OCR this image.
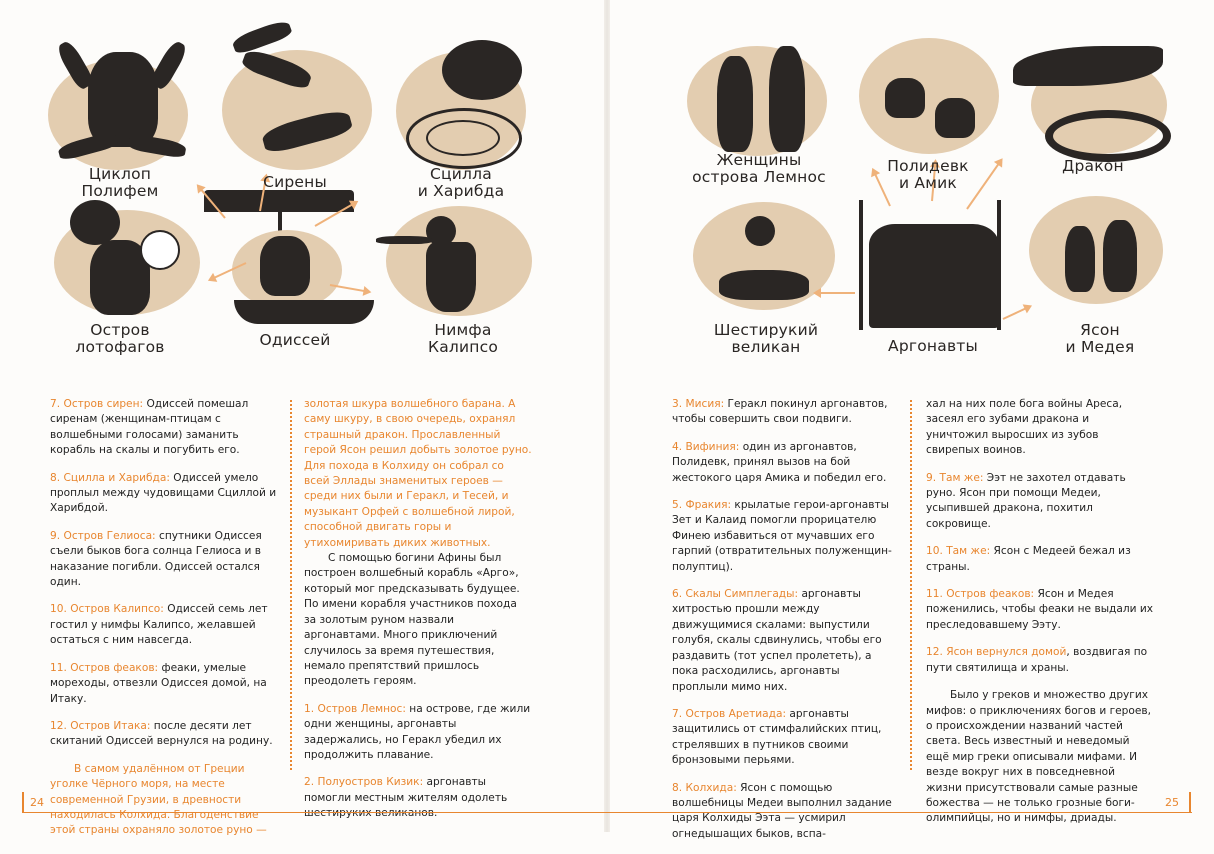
Циклоп
Полифем	Сирены	Сцилла
и Харибда
Остров
лотофагов	Одиссей
Нимфа
Калипсо

7. Остров сирен: Одиссей помешал сиренам (женщинам-птицам с волшебными голосами) заманить корабль на скалы и погубить его.

8. Сцилла и Харибда: Одиссей умело проплыл между чудовищами Сциллой и Харибдой.

9. Остров Гелиоса: спутники Одиссея съели быков бога солнца Гелиоса и в наказание погибли. Одиссей остался один.

10. Остров Калипсо: Одиссей семь лет гостил у нимфы Калипсо, желавшей остаться с ним навсегда.

11. Остров феаков: феаки, умелые мореходы, отвезли Одиссея домой, на Итаку.

12. Остров Итака: после десяти лет скитаний Одиссей вернулся на родину.

В самом удалённом от Греции уголке Чёрного моря, на месте современной Грузии, в древности находилась Колхида. Благоденствие этой страны охраняло золотое руно —

золотая шкура волшебного барана. А саму шкуру, в свою очередь, охранял страшный дракон. Прославленный герой Ясон решил добыть золотое руно. Для похода в Колхиду он собрал со всей Эллады знаменитых героев — среди них были и Геракл, и Тесей, и музыкант Орфей с волшебной лирой, способной двигать горы и утихомиривать диких животных.

С помощью богини Афины был построен волшебный корабль «Арго», который мог предсказывать будущее. По имени корабля участников похода за золотым руном назвали аргонавтами. Много приключений случилось за время путешествия, немало препятствий пришлось преодолеть героям.

1. Остров Лемнос: на острове, где жили одни женщины, аргонавты задержались, но Геракл убедил их продолжить плавание.

2. Полуостров Кизик: аргонавты помогли местным жителям одолеть шестируких великанов.

24
Женщины
острова Лемнос
Полидевк
и Амик
Дракон
Шестирукий
великан	Аргонавты
Ясон
и Медея

3. Мисия: Геракл покинул аргонавтов, чтобы совершить свои подвиги.

4. Вифиния: один из аргонавтов, Полидевк, принял вызов на бой жестокого царя Амика и победил его.

5. Фракия: крылатые герои-аргонавты Зет и Калаид помогли прорицателю Финею избавиться от мучавших его гарпий (отвратительных полуженщин-полуптиц).

6. Скалы Симплегады: аргонавты хитростью прошли между движущимися скалами: выпустили голубя, скалы сдвинулись, чтобы его раздавить (тот успел пролететь), а пока расходились, аргонавты проплыли мимо них.

7. Остров Аретиада: аргонавты защитились от стимфалийских птиц, стрелявших в путников своими бронзовыми перьями.

8. Колхида: Ясон с помощью волшебницы Медеи выполнил задание царя Колхиды Ээта — усмирил огнедышащих быков, вспа-

хал на них поле бога войны Ареса, засеял его зубами дракона и уничтожил выросших из зубов свирепых воинов.

9. Там же: Ээт не захотел отдавать руно. Ясон при помощи Медеи, усыпившей дракона, похитил сокровище.

10. Там же: Ясон с Медеей бежал из страны.

11. Остров феаков: Ясон и Медея поженились, чтобы феаки не выдали их преследовавшему Ээту.

12. Ясон вернулся домой, воздвигая по пути святилища и храны.

Было у греков и множество других мифов: о приключениях богов и героев, о происхождении названий частей света. Весь известный и неведомый ещё мир греки описывали мифами. И везде вокруг них в повседневной жизни присутствовали самые разные божества — не только грозные боги-олимпийцы, но и нимфы, дриады.

25
